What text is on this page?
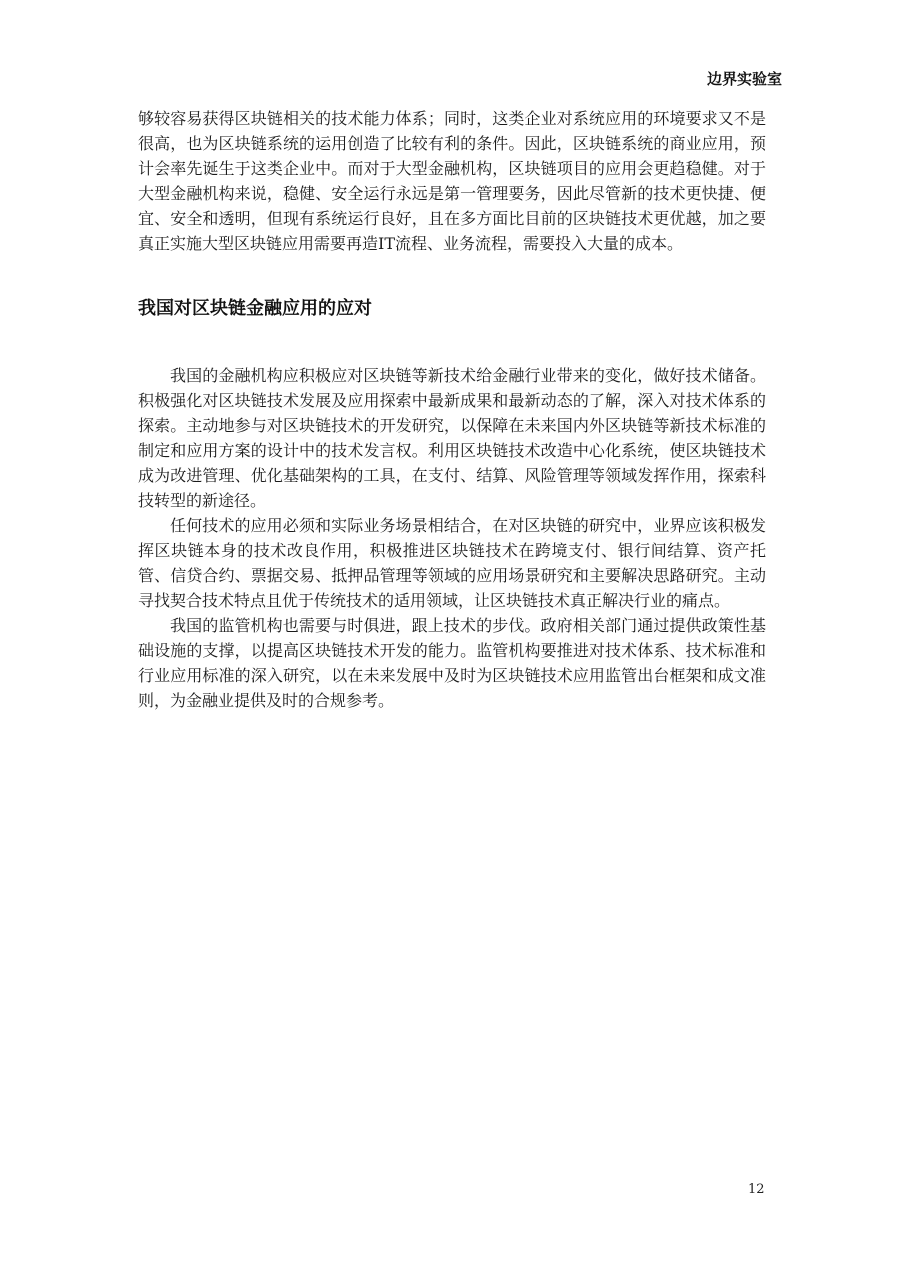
边界实验室

够较容易获得区块链相关的技术能力体系；同时，这类企业对系统应用的环境要求又不是很高，也为区块链系统的运用创造了比较有利的条件。因此，区块链系统的商业应用，预计会率先诞生于这类企业中。而对于大型金融机构，区块链项目的应用会更趋稳健。对于大型金融机构来说，稳健、安全运行永远是第一管理要务，因此尽管新的技术更快捷、便宜、安全和透明，但现有系统运行良好，且在多方面比目前的区块链技术更优越，加之要真正实施大型区块链应用需要再造IT流程、业务流程，需要投入大量的成本。

我国对区块链金融应用的应对

我国的金融机构应积极应对区块链等新技术给金融行业带来的变化，做好技术储备。积极强化对区块链技术发展及应用探索中最新成果和最新动态的了解，深入对技术体系的探索。主动地参与对区块链技术的开发研究，以保障在未来国内外区块链等新技术标准的制定和应用方案的设计中的技术发言权。利用区块链技术改造中心化系统，使区块链技术成为改进管理、优化基础架构的工具，在支付、结算、风险管理等领域发挥作用，探索科技转型的新途径。

任何技术的应用必须和实际业务场景相结合，在对区块链的研究中，业界应该积极发挥区块链本身的技术改良作用，积极推进区块链技术在跨境支付、银行间结算、资产托管、信贷合约、票据交易、抵押品管理等领域的应用场景研究和主要解决思路研究。主动寻找契合技术特点且优于传统技术的适用领域，让区块链技术真正解决行业的痛点。

我国的监管机构也需要与时俱进，跟上技术的步伐。政府相关部门通过提供政策性基础设施的支撑，以提高区块链技术开发的能力。监管机构要推进对技术体系、技术标准和行业应用标准的深入研究，以在未来发展中及时为区块链技术应用监管出台框架和成文准则，为金融业提供及时的合规参考。

12
